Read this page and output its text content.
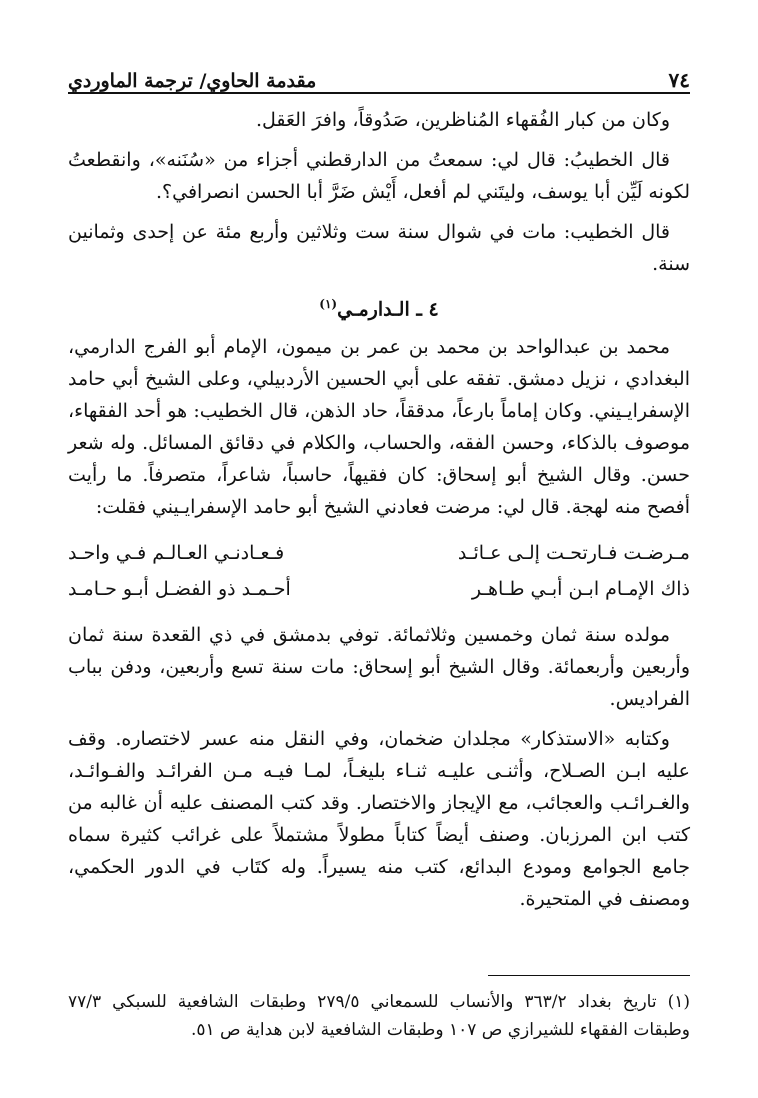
٧٤
مقدمة الحاوي/ ترجمة الماوردي

وكان من كبار الفُقهاء المُناظرين، صَدُوقاً، وافرَ العَقل.

قال الخطيبُ: قال لي: سمعتُ من الدارقطني أجزاء من «سُنَنه»، وانقطعتُ لكونه لَيِّن أبا يوسف، وليتَني لم أفعل، أَيْش ضَرَّ أبا الحسن انصرافي؟.

قال الخطيب: مات في شوال سنة ست وثلاثين وأربع مئة عن إحدى وثمانين سنة.

٤ ـ الـدارمـي$^{(١)}$

محمد بن عبدالواحد بن محمد بن عمر بن ميمون، الإمام أبو الفرج الدارمي، البغدادي ، نزيل دمشق. تفقه على أبي الحسين الأردبيلي، وعلى الشيخ أبي حامد الإسفرايـيني. وكان إماماً بارعاً، مدققاً، حاد الذهن، قال الخطيب: هو أحد الفقهاء، موصوف بالذكاء، وحسن الفقه، والحساب، والكلام في دقائق المسائل. وله شعر حسن. وقال الشيخ أبو إسحاق: كان فقيهاً، حاسباً، شاعراً، متصرفاً. ما رأيت أفصح منه لهجة. قال لي: مرضت فعادني الشيخ أبو حامد الإسفرايـيني فقلت:

مـرضـت فـارتحـت إلـى عـائـد
فـعـادنـي العـالـم فـي واحـد
ذاك الإمـام ابـن أبـي طـاهـر
أحـمـد ذو الفضـل أبـو حـامـد

مولده سنة ثمان وخمسين وثلاثمائة. توفي بدمشق في ذي القعدة سنة ثمان وأربعين وأربعمائة. وقال الشيخ أبو إسحاق: مات سنة تسع وأربعين، ودفن بباب الفراديس.

وكتابه «الاستذكار» مجلدان ضخمان، وفي النقل منه عسر لاختصاره. وقف عليه ابـن الصـلاح، وأثنـى عليـه ثنـاء بليغـاً، لمـا فيـه مـن الفرائـد والفـوائـد، والغـرائـب والعجائب، مع الإيجاز والاختصار. وقد كتب المصنف عليه أن غالبه من كتب ابن المرزبان. وصنف أيضاً كتاباً مطولاً مشتملاً على غرائب كثيرة سماه جامع الجوامع ومودع البدائع، كتب منه يسيراً. وله كتَاب في الدور الحكمي، ومصنف في المتحيرة.

(١) تاريخ بغداد ٣٦٣/٢ والأنساب للسمعاني ٢٧٩/٥ وطبقات الشافعية للسبكي ٧٧/٣ وطبقات الفقهاء للشيرازي ص ١٠٧ وطبقات الشافعية لابن هداية ص ٥١.
